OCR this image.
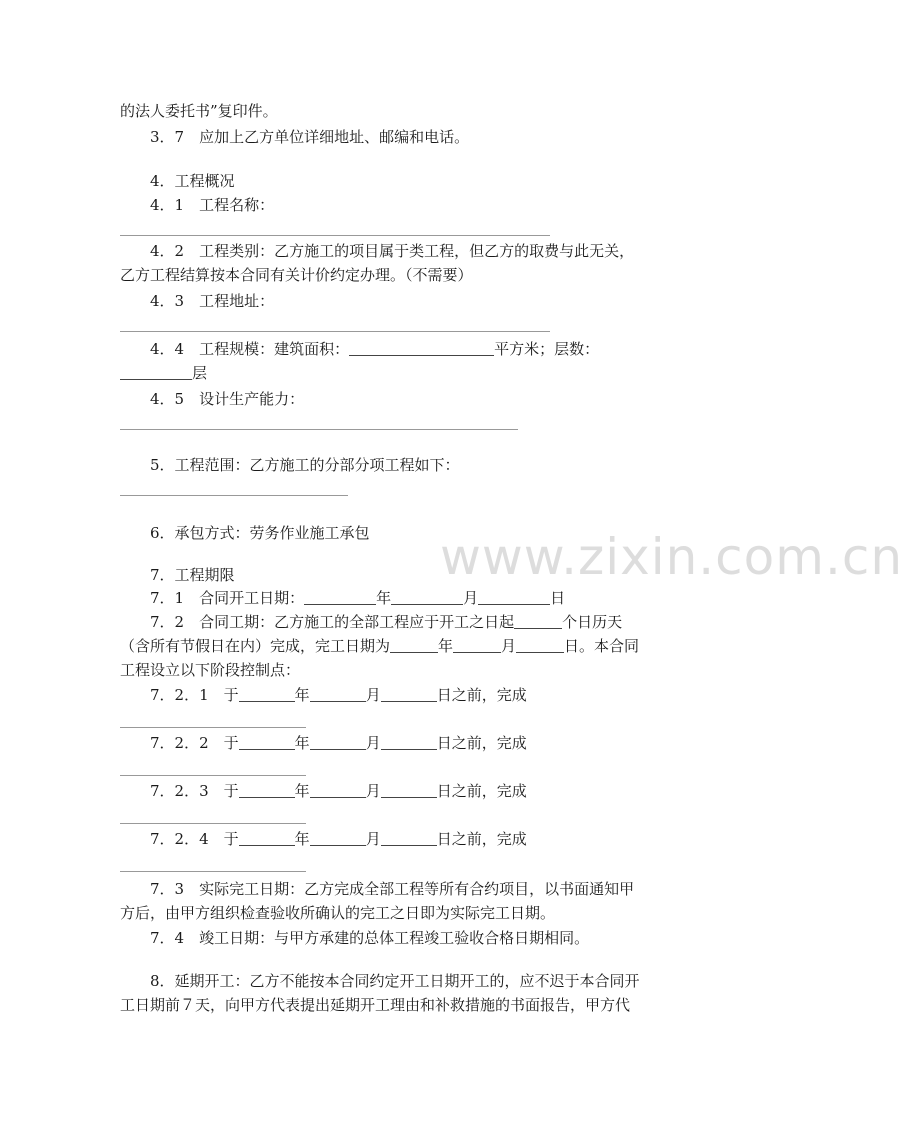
www.zixin.com.cn
的法人委托书”复印件。
3．7　应加上乙方单位详细地址、邮编和电话。
4．工程概况
4．1　工程名称：
4．2　工程类别：乙方施工的项目属于类工程，但乙方的取费与此无关，
乙方工程结算按本合同有关计价约定办理。（不需要）
4．3　工程地址：
4．4　工程规模：建筑面积：	平方米；层数：
层
4．5　设计生产能力：
5．工程范围：乙方施工的分部分项工程如下：
6．承包方式：劳务作业施工承包
7．工程期限
7．1　合同开工日期：	年	月	日
7．2　合同工期：乙方施工的全部工程应于开工之日起	个日历天
（含所有节假日在内）完成，完工日期为	年	月	日。本合同
工程设立以下阶段控制点：
7．2．1　 于	年	月	日之前，完成
7．2．2　 于	年	月	日之前，完成
7．2．3　 于	年	月	日之前，完成
7．2．4　 于	年	月	日之前，完成
7．3　实际完工日期：乙方完成全部工程等所有合约项目，以书面通知甲
方后，由甲方组织检查验收所确认的完工之日即为实际完工日期。
7．4　竣工日期：与甲方承建的总体工程竣工验收合格日期相同。
8．延期开工：乙方不能按本合同约定开工日期开工的，应不迟于本合同开
工日期前７天，向甲方代表提出延期开工理由和补救措施的书面报告，甲方代
